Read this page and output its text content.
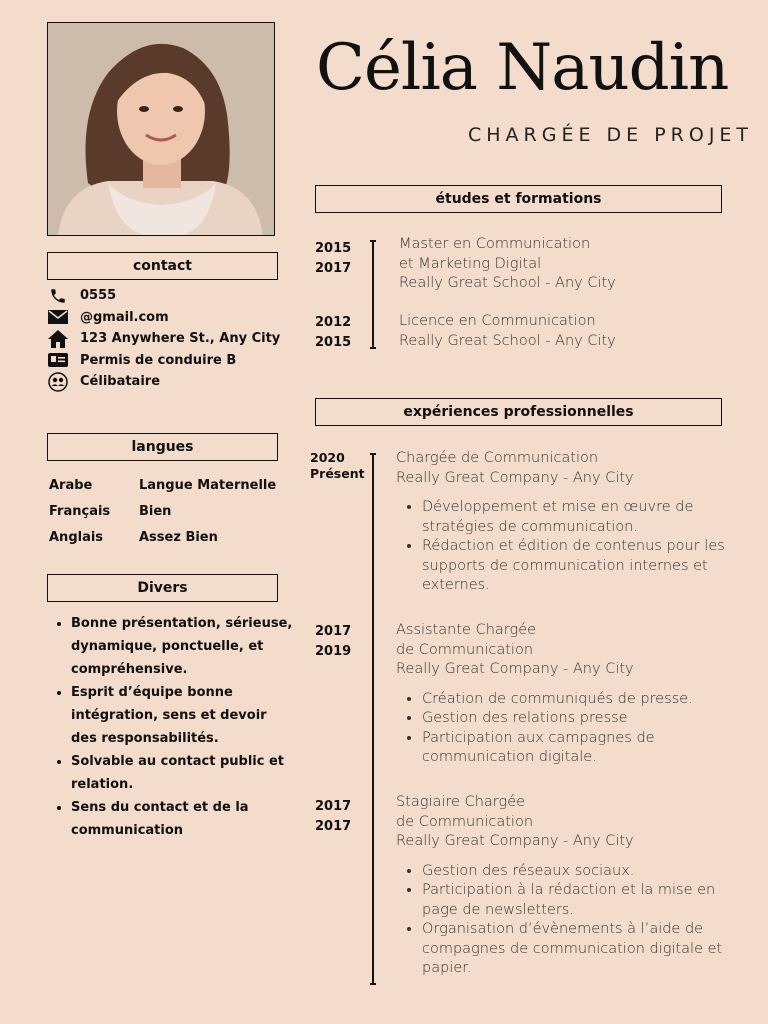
Célia Naudin
CHARGÉE DE PROJET
contact
0555
@gmail.com
123 Anywhere St., Any City
Permis de conduire B
Célibataire
langues
Arabe	Langue Maternelle
Français	Bien
Anglais	Assez Bien
Divers
• Bonne présentation, sérieuse, dynamique, ponctuelle, et compréhensive.
• Esprit d’équipe bonne intégration, sens et devoir des responsabilités.
• Solvable au contact public et relation.
• Sens du contact et de la communication
études et formations
2015
2017
Master en Communication
et Marketing Digital
Really Great School - Any City
2012
2015
Licence en Communication
Really Great School - Any City
expériences professionnelles
2020
Présent
Chargée de Communication
Really Great Company - Any City
• Développement et mise en œuvre de stratégies de communication.
• Rédaction et édition de contenus pour les supports de communication internes et externes.
2017
2019
Assistante Chargée
de Communication
Really Great Company - Any City
• Création de communiqués de presse.
• Gestion des relations presse
• Participation aux campagnes de communication digitale.
2017
2017
Stagiaire Chargée
de Communication
Really Great Company - Any City
• Gestion des réseaux sociaux.
• Participation à la rédaction et la mise en page de newsletters.
• Organisation d’évènements à l’aide de compagnes de communication digitale et papier.
